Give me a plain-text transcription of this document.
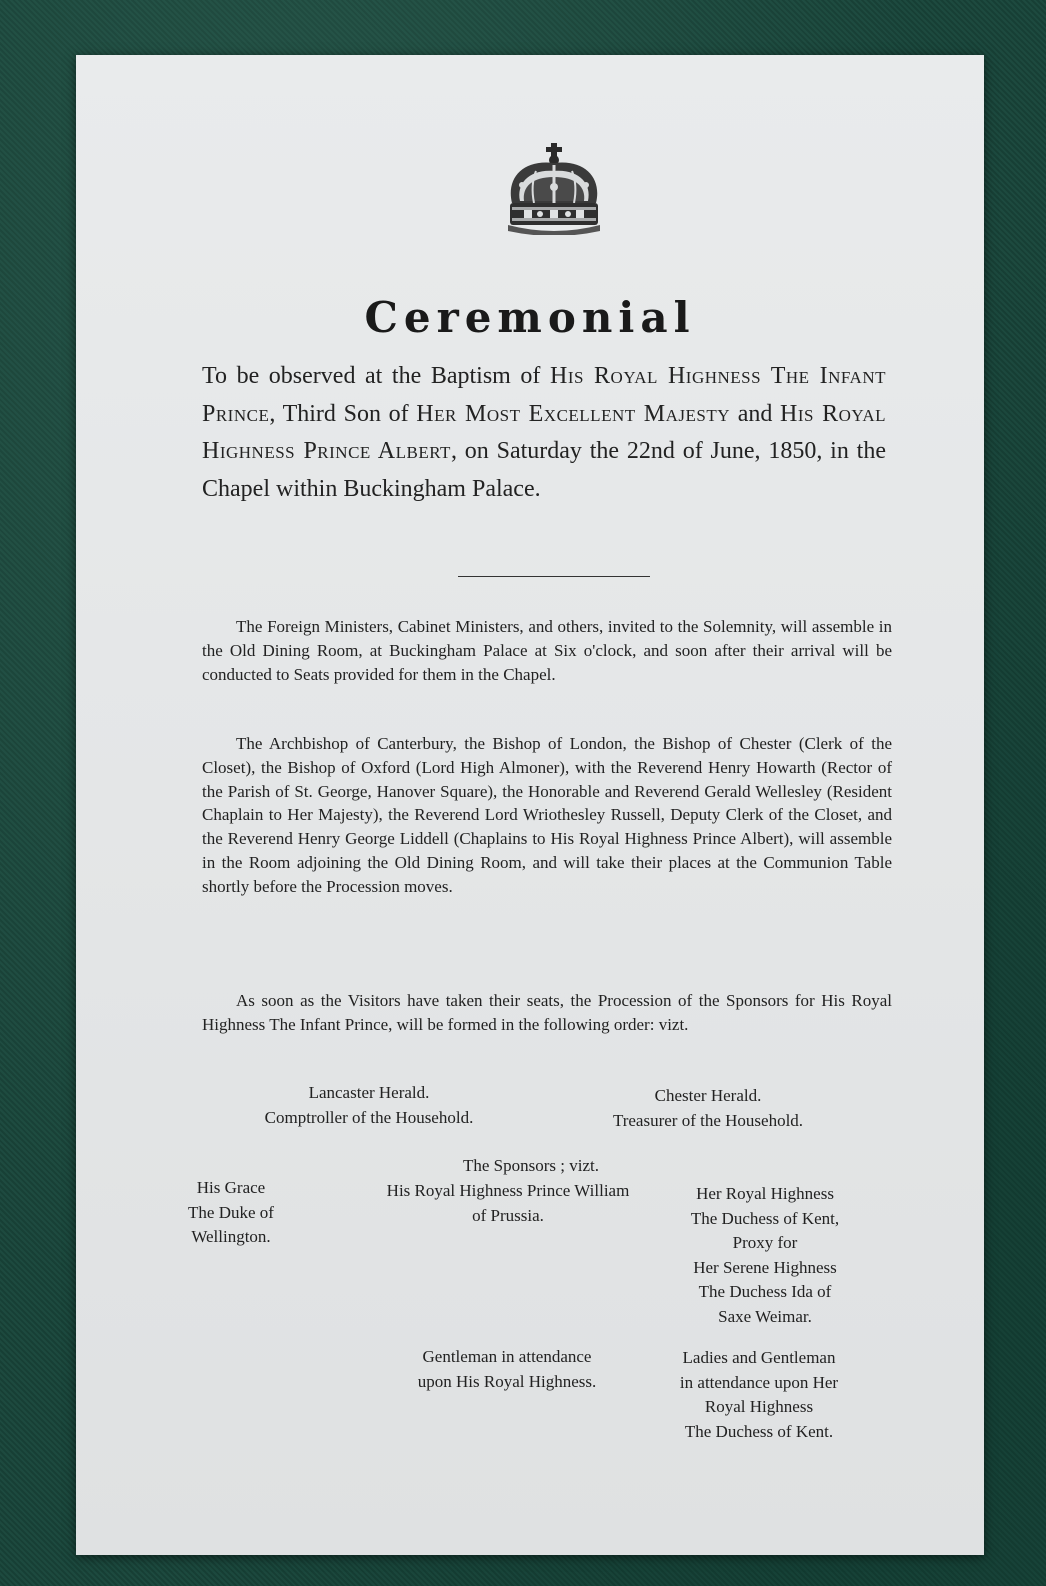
Ceremonial

To be observed at the Baptism of His Royal Highness The Infant Prince, Third Son of Her Most Excellent Majesty and His Royal Highness Prince Albert, on Saturday the 22nd of June, 1850, in the Chapel within Buckingham Palace.

The Foreign Ministers, Cabinet Ministers, and others, invited to the Solemnity, will assemble in the Old Dining Room, at Buckingham Palace at Six o'clock, and soon after their arrival will be conducted to Seats provided for them in the Chapel.

The Archbishop of Canterbury, the Bishop of London, the Bishop of Chester (Clerk of the Closet), the Bishop of Oxford (Lord High Almoner), with the Reverend Henry Howarth (Rector of the Parish of St. George, Hanover Square), the Honorable and Reverend Gerald Wellesley (Resident Chaplain to Her Majesty), the Reverend Lord Wriothesley Russell, Deputy Clerk of the Closet, and the Reverend Henry George Liddell (Chaplains to His Royal Highness Prince Albert), will assemble in the Room adjoining the Old Dining Room, and will take their places at the Communion Table shortly before the Procession moves.

As soon as the Visitors have taken their seats, the Procession of the Sponsors for His Royal Highness The Infant Prince, will be formed in the following order: vizt.

Lancaster Herald.
Comptroller of the Household.
Chester Herald.
Treasurer of the Household.
The Sponsors ; vizt.
His Grace
The Duke of
Wellington.
His Royal Highness Prince William
of Prussia.
Her Royal Highness
The Duchess of Kent,
Proxy for
Her Serene Highness
The Duchess Ida of
Saxe Weimar.
Gentleman in attendance
upon His Royal Highness.
Ladies and Gentleman
in attendance upon Her
Royal Highness
The Duchess of Kent.
